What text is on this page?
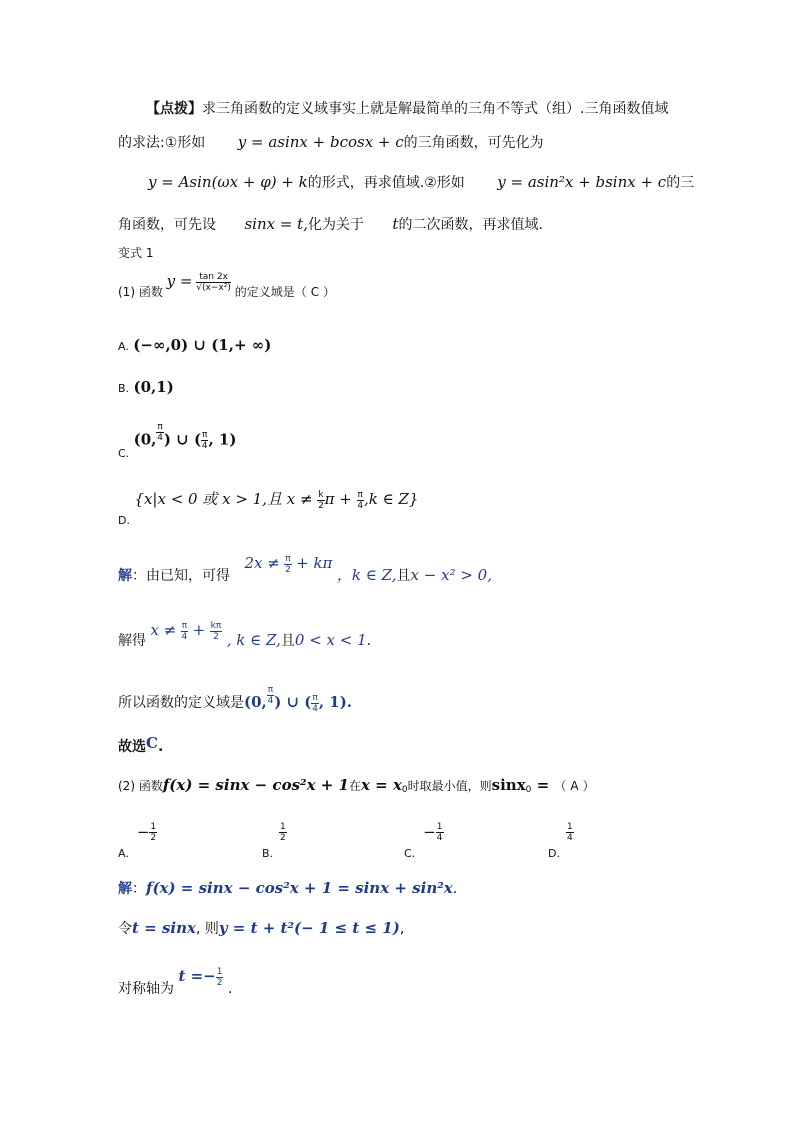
【点拨】求三角函数的定义域事实上就是解最简单的三角不等式（组）.三角函数值域
的求法:①形如 y = asinx + bcosx + c的三角函数，可先化为
y = Asin(ωx + φ) + k的形式，再求值域.②形如 y = asin²x + bsinx + c的三
角函数，可先设 sinx = t,化为关于 t的二次函数，再求值域.
变式 1
(1) 函数 $y = \frac{\tan 2x}{\text{√(x−x²)}}$ 的定义域是（ C ）
A. (−∞,0) ∪ (1,+ ∞)
B. (0,1)
$_{C.}$ (0, $\frac{\pi}{4}$ ) ∪ ( $\frac{\pi}{4}$ , 1)
$_{D.}$ {x|x < 0 或 x > 1,且 $x \ne \frac{k}{2}$ $\pi + \frac{\pi}{4} ,k$ ∈ Z}
解：由已知，可得 $2x \ne \frac{\pi}{2} + k\pi$ ，k ∈ Z,且x − x² > 0,
解得 $x \ne \frac{\pi}{4} + \frac{k\pi}{2}$ , k ∈ Z,且0 < x < 1.
所以函数的定义域是(0, $\frac{\pi}{4}$ ) ∪ ( $\frac{\pi}{4}$ , 1).
故选C.
(2) 函数f(x) = sinx − cos²x + 1在x = x0时取最小值，则sinx0 = （ A ）
$_{A.}- \frac{1}{2}$
$_{B.}$
$\frac{1}{2}$
$_{C.}- \frac{1}{4}$
$_{D.}$
$\frac{1}{4}$
解：f(x) = sinx − cos²x + 1 = sinx + sin²x.
令t = sinx, 则y = t + t²(− 1 ≤ t ≤ 1),
对称轴为 $t =- \frac{1}{2}$
.
